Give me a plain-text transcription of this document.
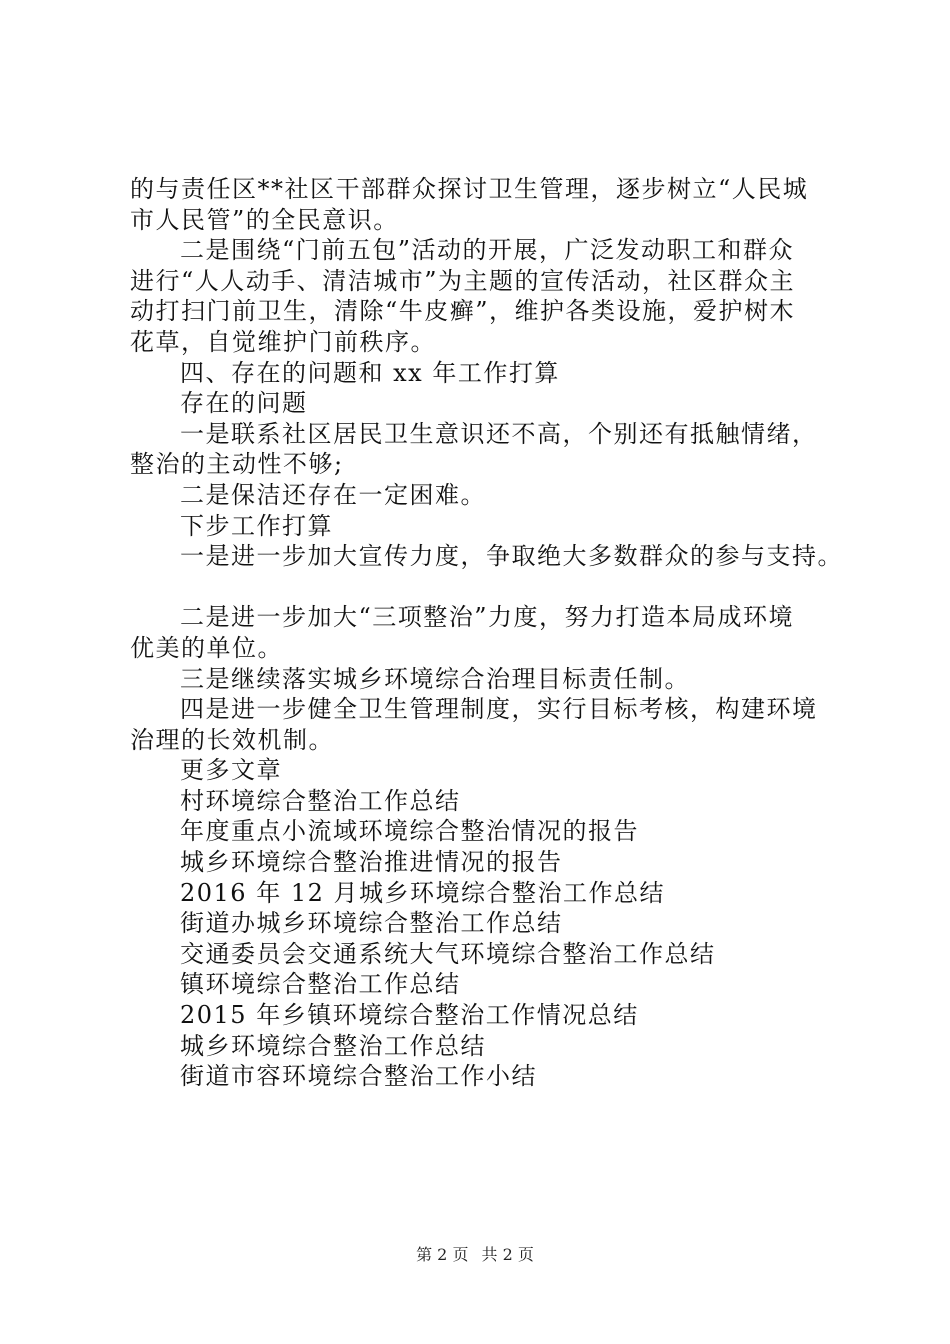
的与责任区**社区干部群众探讨卫生管理，逐步树立“人民城
市人民管”的全民意识。
二是围绕“门前五包”活动的开展，广泛发动职工和群众
进行“人人动手、清洁城市”为主题的宣传活动，社区群众主
动打扫门前卫生，清除“牛皮癣”，维护各类设施，爱护树木
花草，自觉维护门前秩序。
四、存在的问题和 xx 年工作打算
存在的问题
一是联系社区居民卫生意识还不高，个别还有抵触情绪，
整治的主动性不够;
二是保洁还存在一定困难。
下步工作打算
一是进一步加大宣传力度，争取绝大多数群众的参与支持。
二是进一步加大“三项整治”力度，努力打造本局成环境
优美的单位。
三是继续落实城乡环境综合治理目标责任制。
四是进一步健全卫生管理制度，实行目标考核，构建环境
治理的长效机制。
更多文章
村环境综合整治工作总结
年度重点小流域环境综合整治情况的报告
城乡环境综合整治推进情况的报告
2016 年 12 月城乡环境综合整治工作总结
街道办城乡环境综合整治工作总结
交通委员会交通系统大气环境综合整治工作总结
镇环境综合整治工作总结
2015 年乡镇环境综合整治工作情况总结
城乡环境综合整治工作总结
街道市容环境综合整治工作小结
第 2 页 共 2 页
